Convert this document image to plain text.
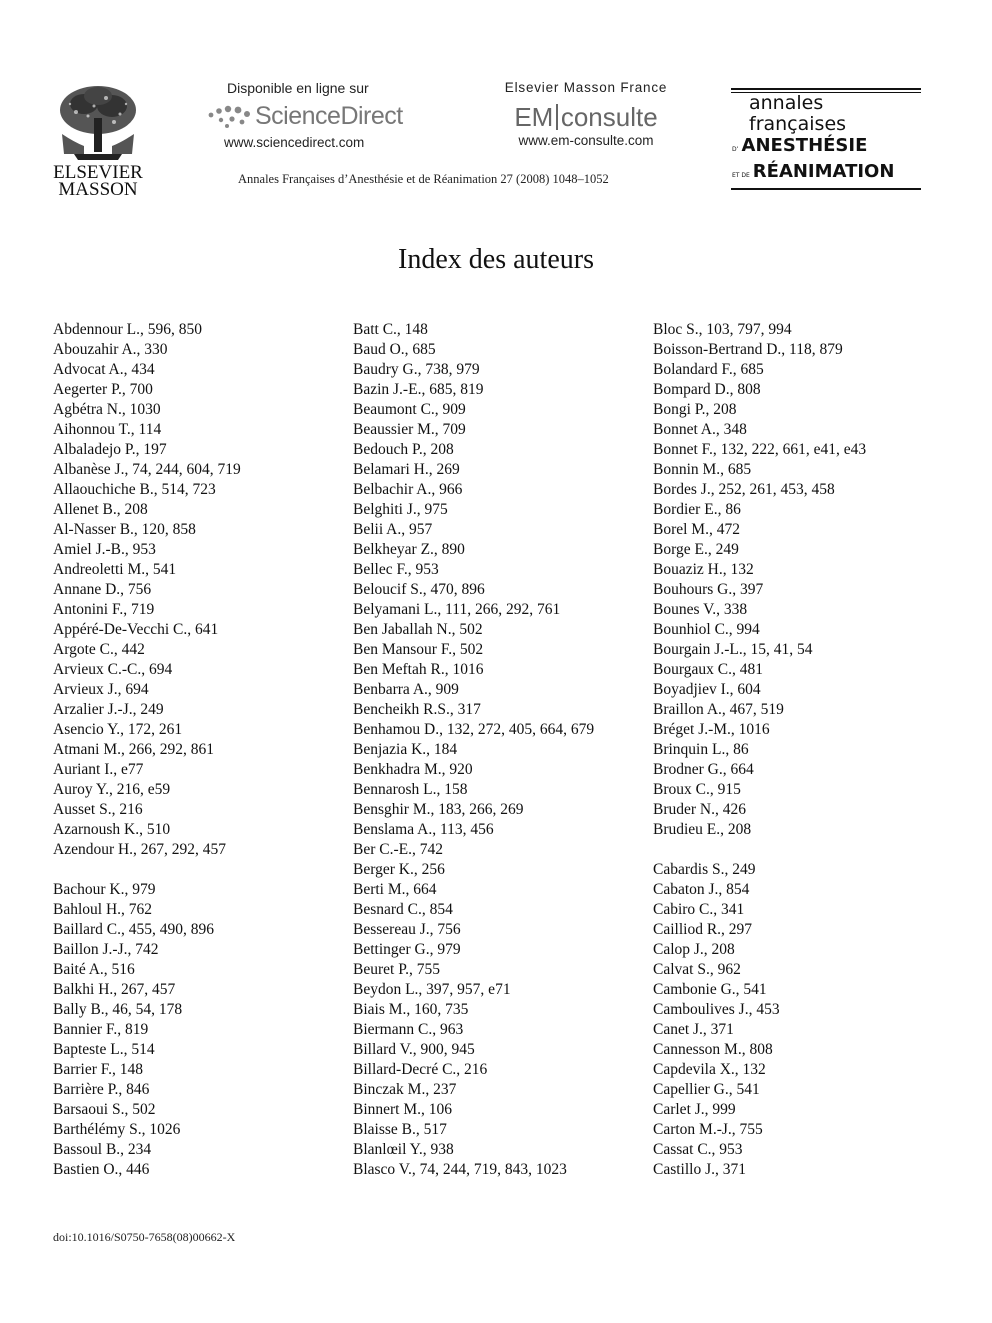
ELSEVIER MASSON
Disponible en ligne sur
ScienceDirect
www.sciencedirect.com
Elsevier Masson France
EM consulte
www.em-consulte.com
annales
françaises
D’ ANESTHÉSIE
ET DE RÉANIMATION
Annales Françaises d’Anesthésie et de Réanimation 27 (2008) 1048–1052
Index des auteurs
Abdennour L., 596, 850
Abouzahir A., 330
Advocat A., 434
Aegerter P., 700
Agbétra N., 1030
Aihonnou T., 114
Albaladejo P., 197
Albanèse J., 74, 244, 604, 719
Allaouchiche B., 514, 723
Allenet B., 208
Al-Nasser B., 120, 858
Amiel J.-B., 953
Andreoletti M., 541
Annane D., 756
Antonini F., 719
Appéré-De-Vecchi C., 641
Argote C., 442
Arvieux C.-C., 694
Arvieux J., 694
Arzalier J.-J., 249
Asencio Y., 172, 261
Atmani M., 266, 292, 861
Auriant I., e77
Auroy Y., 216, e59
Ausset S., 216
Azarnoush K., 510
Azendour H., 267, 292, 457
Bachour K., 979
Bahloul H., 762
Baillard C., 455, 490, 896
Baillon J.-J., 742
Baité A., 516
Balkhi H., 267, 457
Bally B., 46, 54, 178
Bannier F., 819
Bapteste L., 514
Barrier F., 148
Barrière P., 846
Barsaoui S., 502
Barthélémy S., 1026
Bassoul B., 234
Bastien O., 446
Batt C., 148
Baud O., 685
Baudry G., 738, 979
Bazin J.-E., 685, 819
Beaumont C., 909
Beaussier M., 709
Bedouch P., 208
Belamari H., 269
Belbachir A., 966
Belghiti J., 975
Belii A., 957
Belkheyar Z., 890
Bellec F., 953
Beloucif S., 470, 896
Belyamani L., 111, 266, 292, 761
Ben Jaballah N., 502
Ben Mansour F., 502
Ben Meftah R., 1016
Benbarra A., 909
Bencheikh R.S., 317
Benhamou D., 132, 272, 405, 664, 679
Benjazia K., 184
Benkhadra M., 920
Bennarosh L., 158
Bensghir M., 183, 266, 269
Benslama A., 113, 456
Ber C.-E., 742
Berger K., 256
Berti M., 664
Besnard C., 854
Bessereau J., 756
Bettinger G., 979
Beuret P., 755
Beydon L., 397, 957, e71
Biais M., 160, 735
Biermann C., 963
Billard V., 900, 945
Billard-Decré C., 216
Binczak M., 237
Binnert M., 106
Blaisse B., 517
Blanlœil Y., 938
Blasco V., 74, 244, 719, 843, 1023
Bloc S., 103, 797, 994
Boisson-Bertrand D., 118, 879
Bolandard F., 685
Bompard D., 808
Bongi P., 208
Bonnet A., 348
Bonnet F., 132, 222, 661, e41, e43
Bonnin M., 685
Bordes J., 252, 261, 453, 458
Bordier E., 86
Borel M., 472
Borge E., 249
Bouaziz H., 132
Bouhours G., 397
Bounes V., 338
Bounhiol C., 994
Bourgain J.-L., 15, 41, 54
Bourgaux C., 481
Boyadjiev I., 604
Braillon A., 467, 519
Bréget J.-M., 1016
Brinquin L., 86
Brodner G., 664
Broux C., 915
Bruder N., 426
Brudieu E., 208
Cabardis S., 249
Cabaton J., 854
Cabiro C., 341
Cailliod R., 297
Calop J., 208
Calvat S., 962
Cambonie G., 541
Camboulives J., 453
Canet J., 371
Cannesson M., 808
Capdevila X., 132
Capellier G., 541
Carlet J., 999
Carton M.-J., 755
Cassat C., 953
Castillo J., 371
doi:10.1016/S0750-7658(08)00662-X
